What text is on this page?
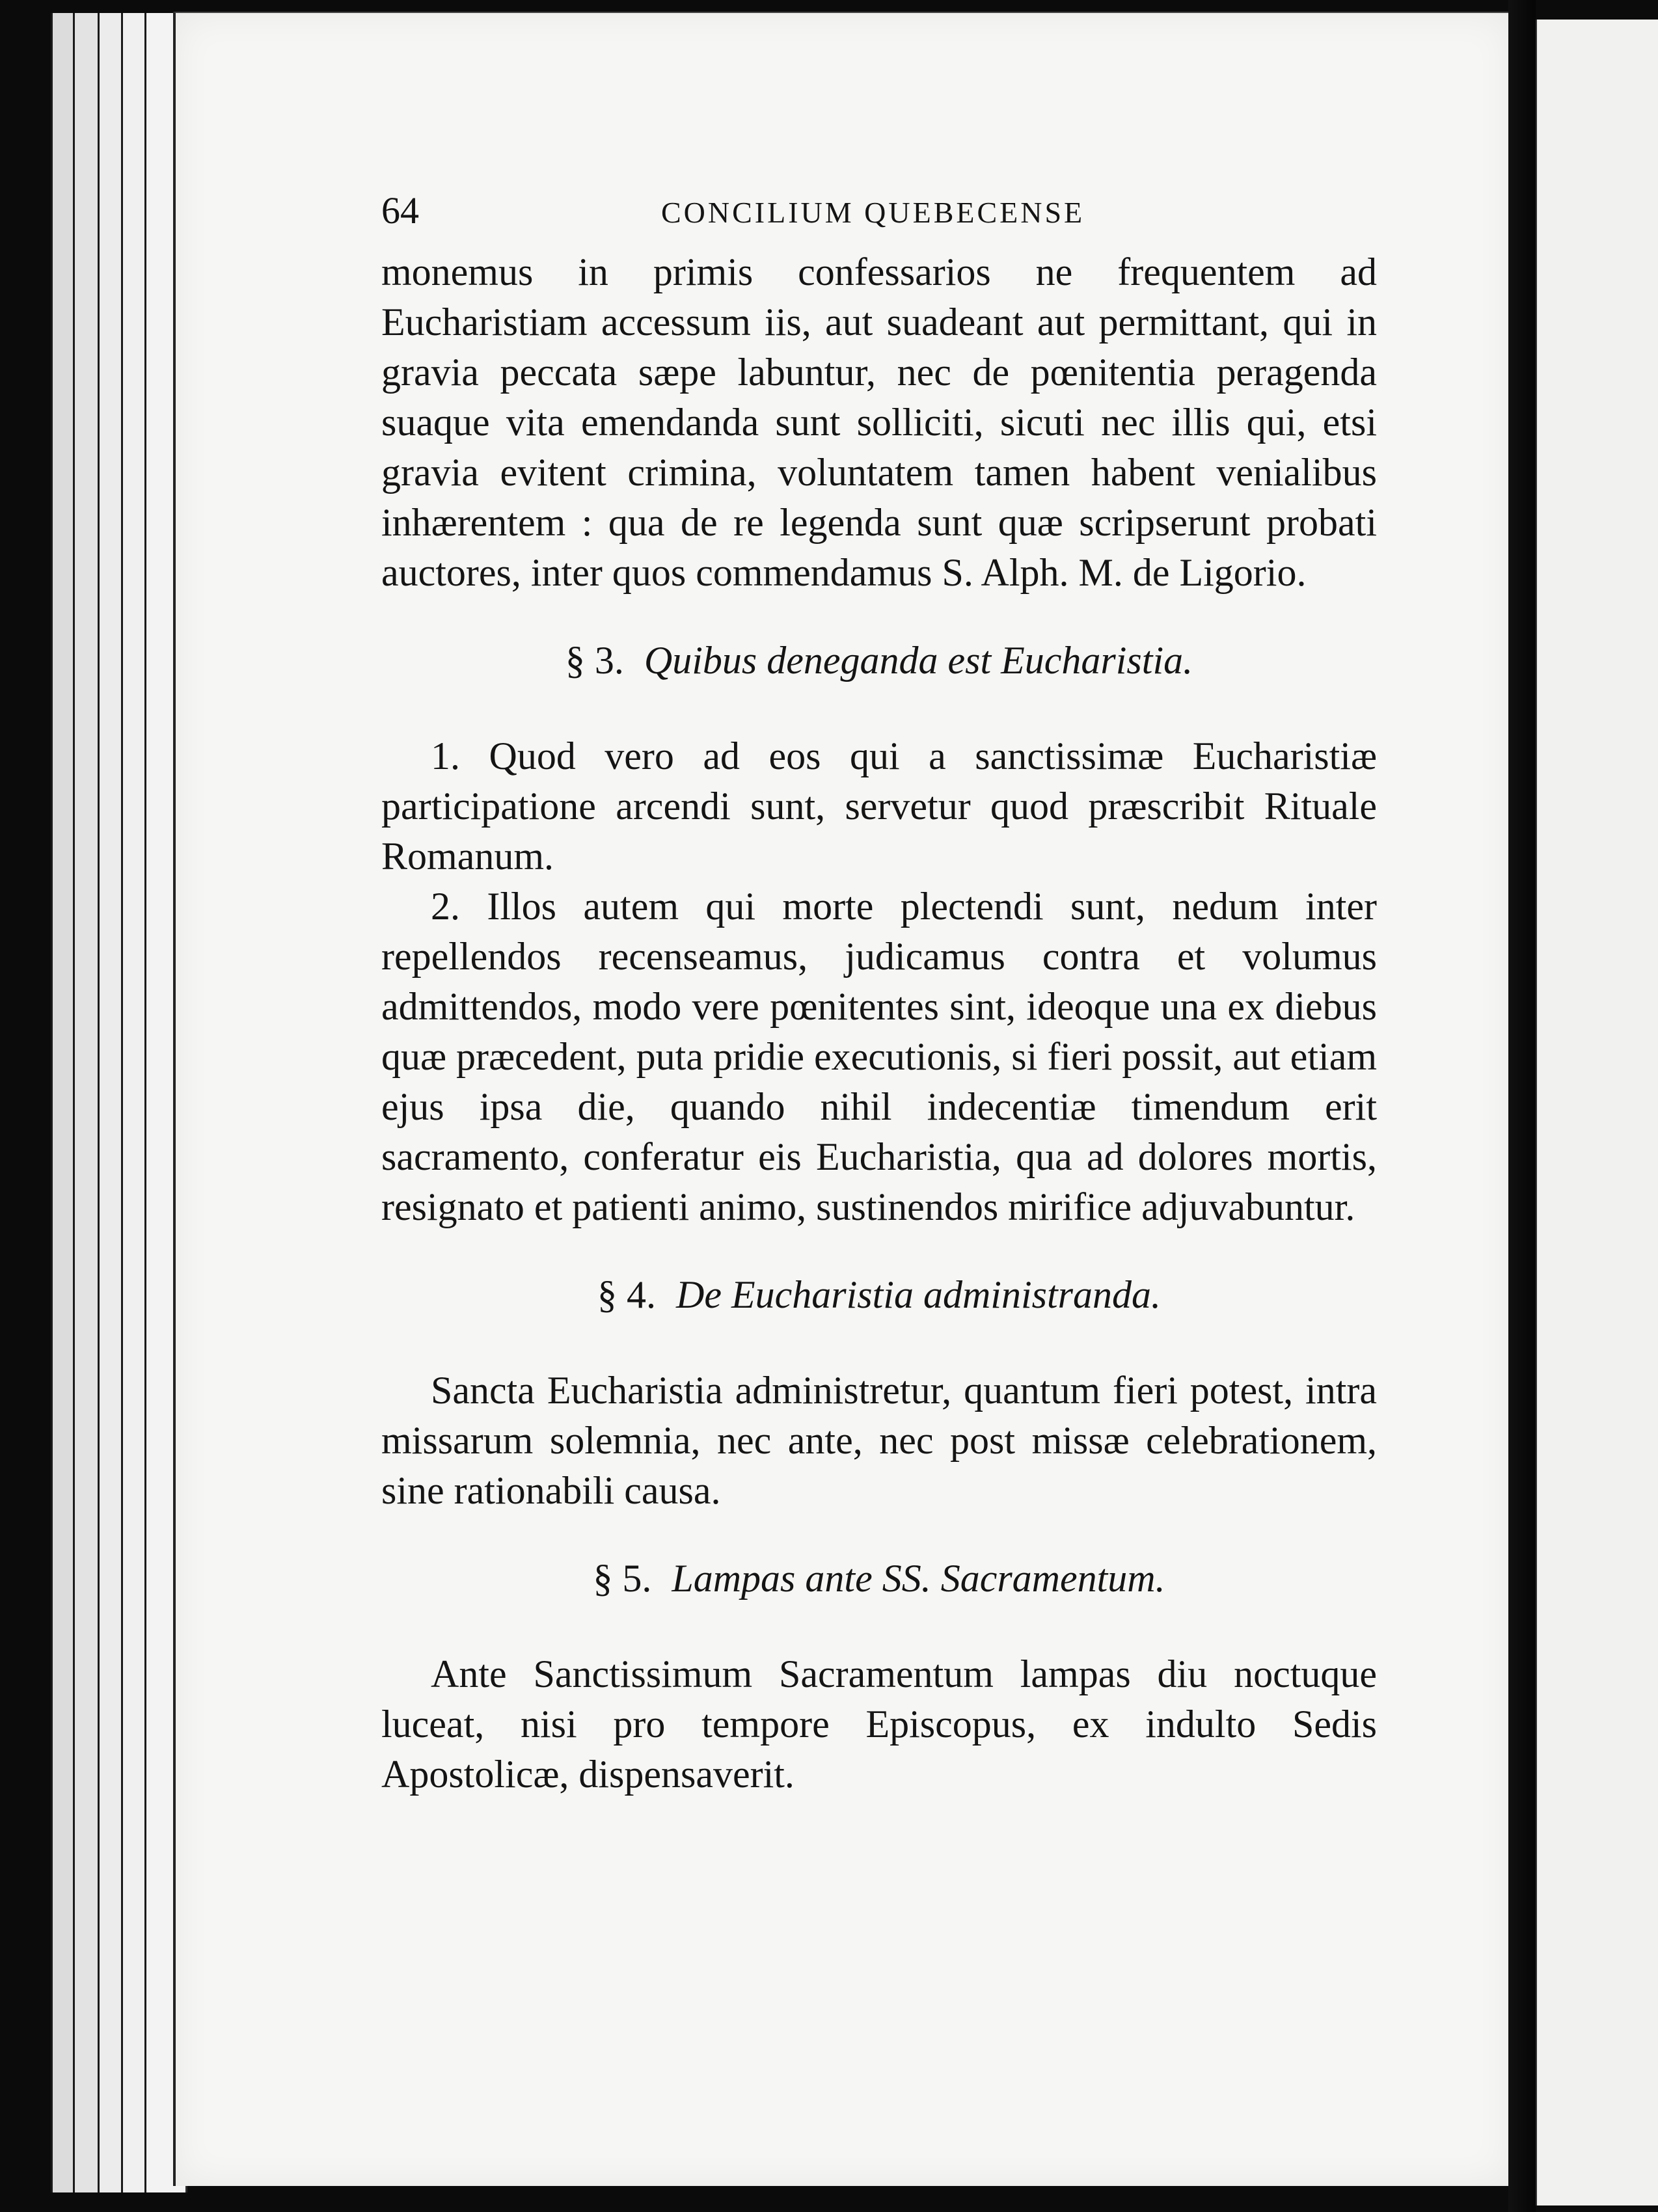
64	CONCILIUM QUEBECENSE

monemus in primis confessarios ne frequentem ad Eucharistiam accessum iis, aut suadeant aut permittant, qui in gravia peccata sæpe labuntur, nec de pœnitentia peragenda suaque vita emendanda sunt solliciti, sicuti nec illis qui, etsi gravia evitent crimina, voluntatem tamen habent venialibus inhærentem : qua de re legenda sunt quæ scripserunt probati auctores, inter quos commendamus S. Alph. M. de Ligorio.

§ 3. Quibus deneganda est Eucharistia.

1. Quod vero ad eos qui a sanctissimæ Eucharistiæ participatione arcendi sunt, servetur quod præscribit Rituale Romanum.

2. Illos autem qui morte plectendi sunt, nedum inter repellendos recenseamus, judicamus contra et volumus admittendos, modo vere pœnitentes sint, ideoque una ex diebus quæ præcedent, puta pridie executionis, si fieri possit, aut etiam ejus ipsa die, quando nihil indecentiæ timendum erit sacramento, conferatur eis Eucharistia, qua ad dolores mortis, resignato et patienti animo, sustinendos mirifice adjuvabuntur.

§ 4. De Eucharistia administranda.

Sancta Eucharistia administretur, quantum fieri potest, intra missarum solemnia, nec ante, nec post missæ celebrationem, sine rationabili causa.

§ 5. Lampas ante SS. Sacramentum.

Ante Sanctissimum Sacramentum lampas diu noctuque luceat, nisi pro tempore Episcopus, ex indulto Sedis Apostolicæ, dispensaverit.
